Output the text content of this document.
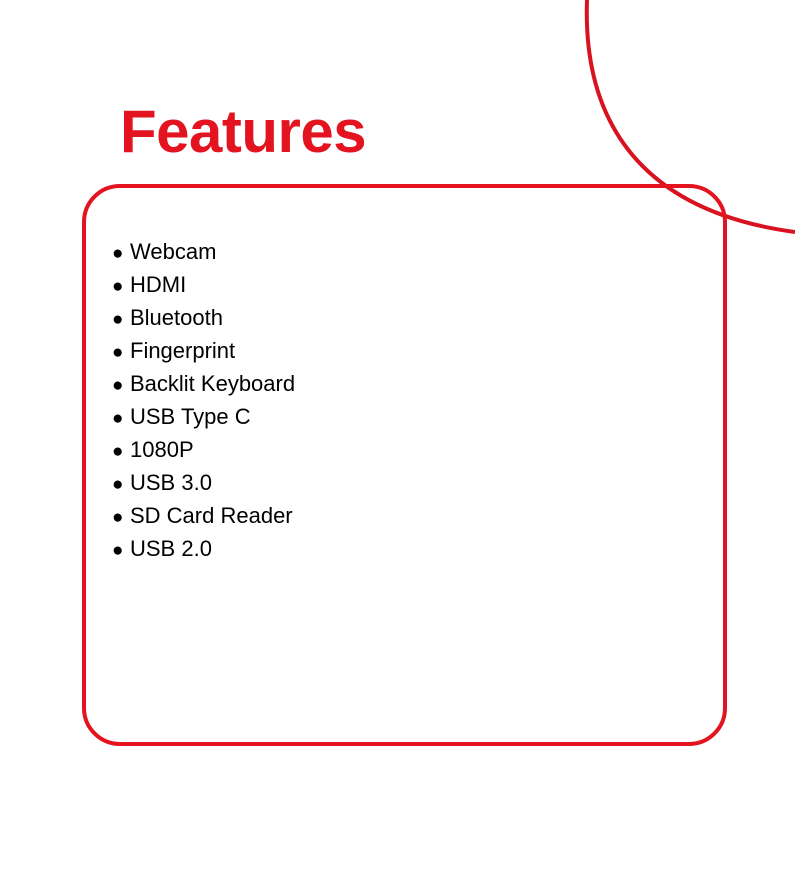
Features
● Webcam
● HDMI
● Bluetooth
● Fingerprint
● Backlit Keyboard
● USB Type C
● 1080P
● USB 3.0
● SD Card Reader
● USB 2.0
